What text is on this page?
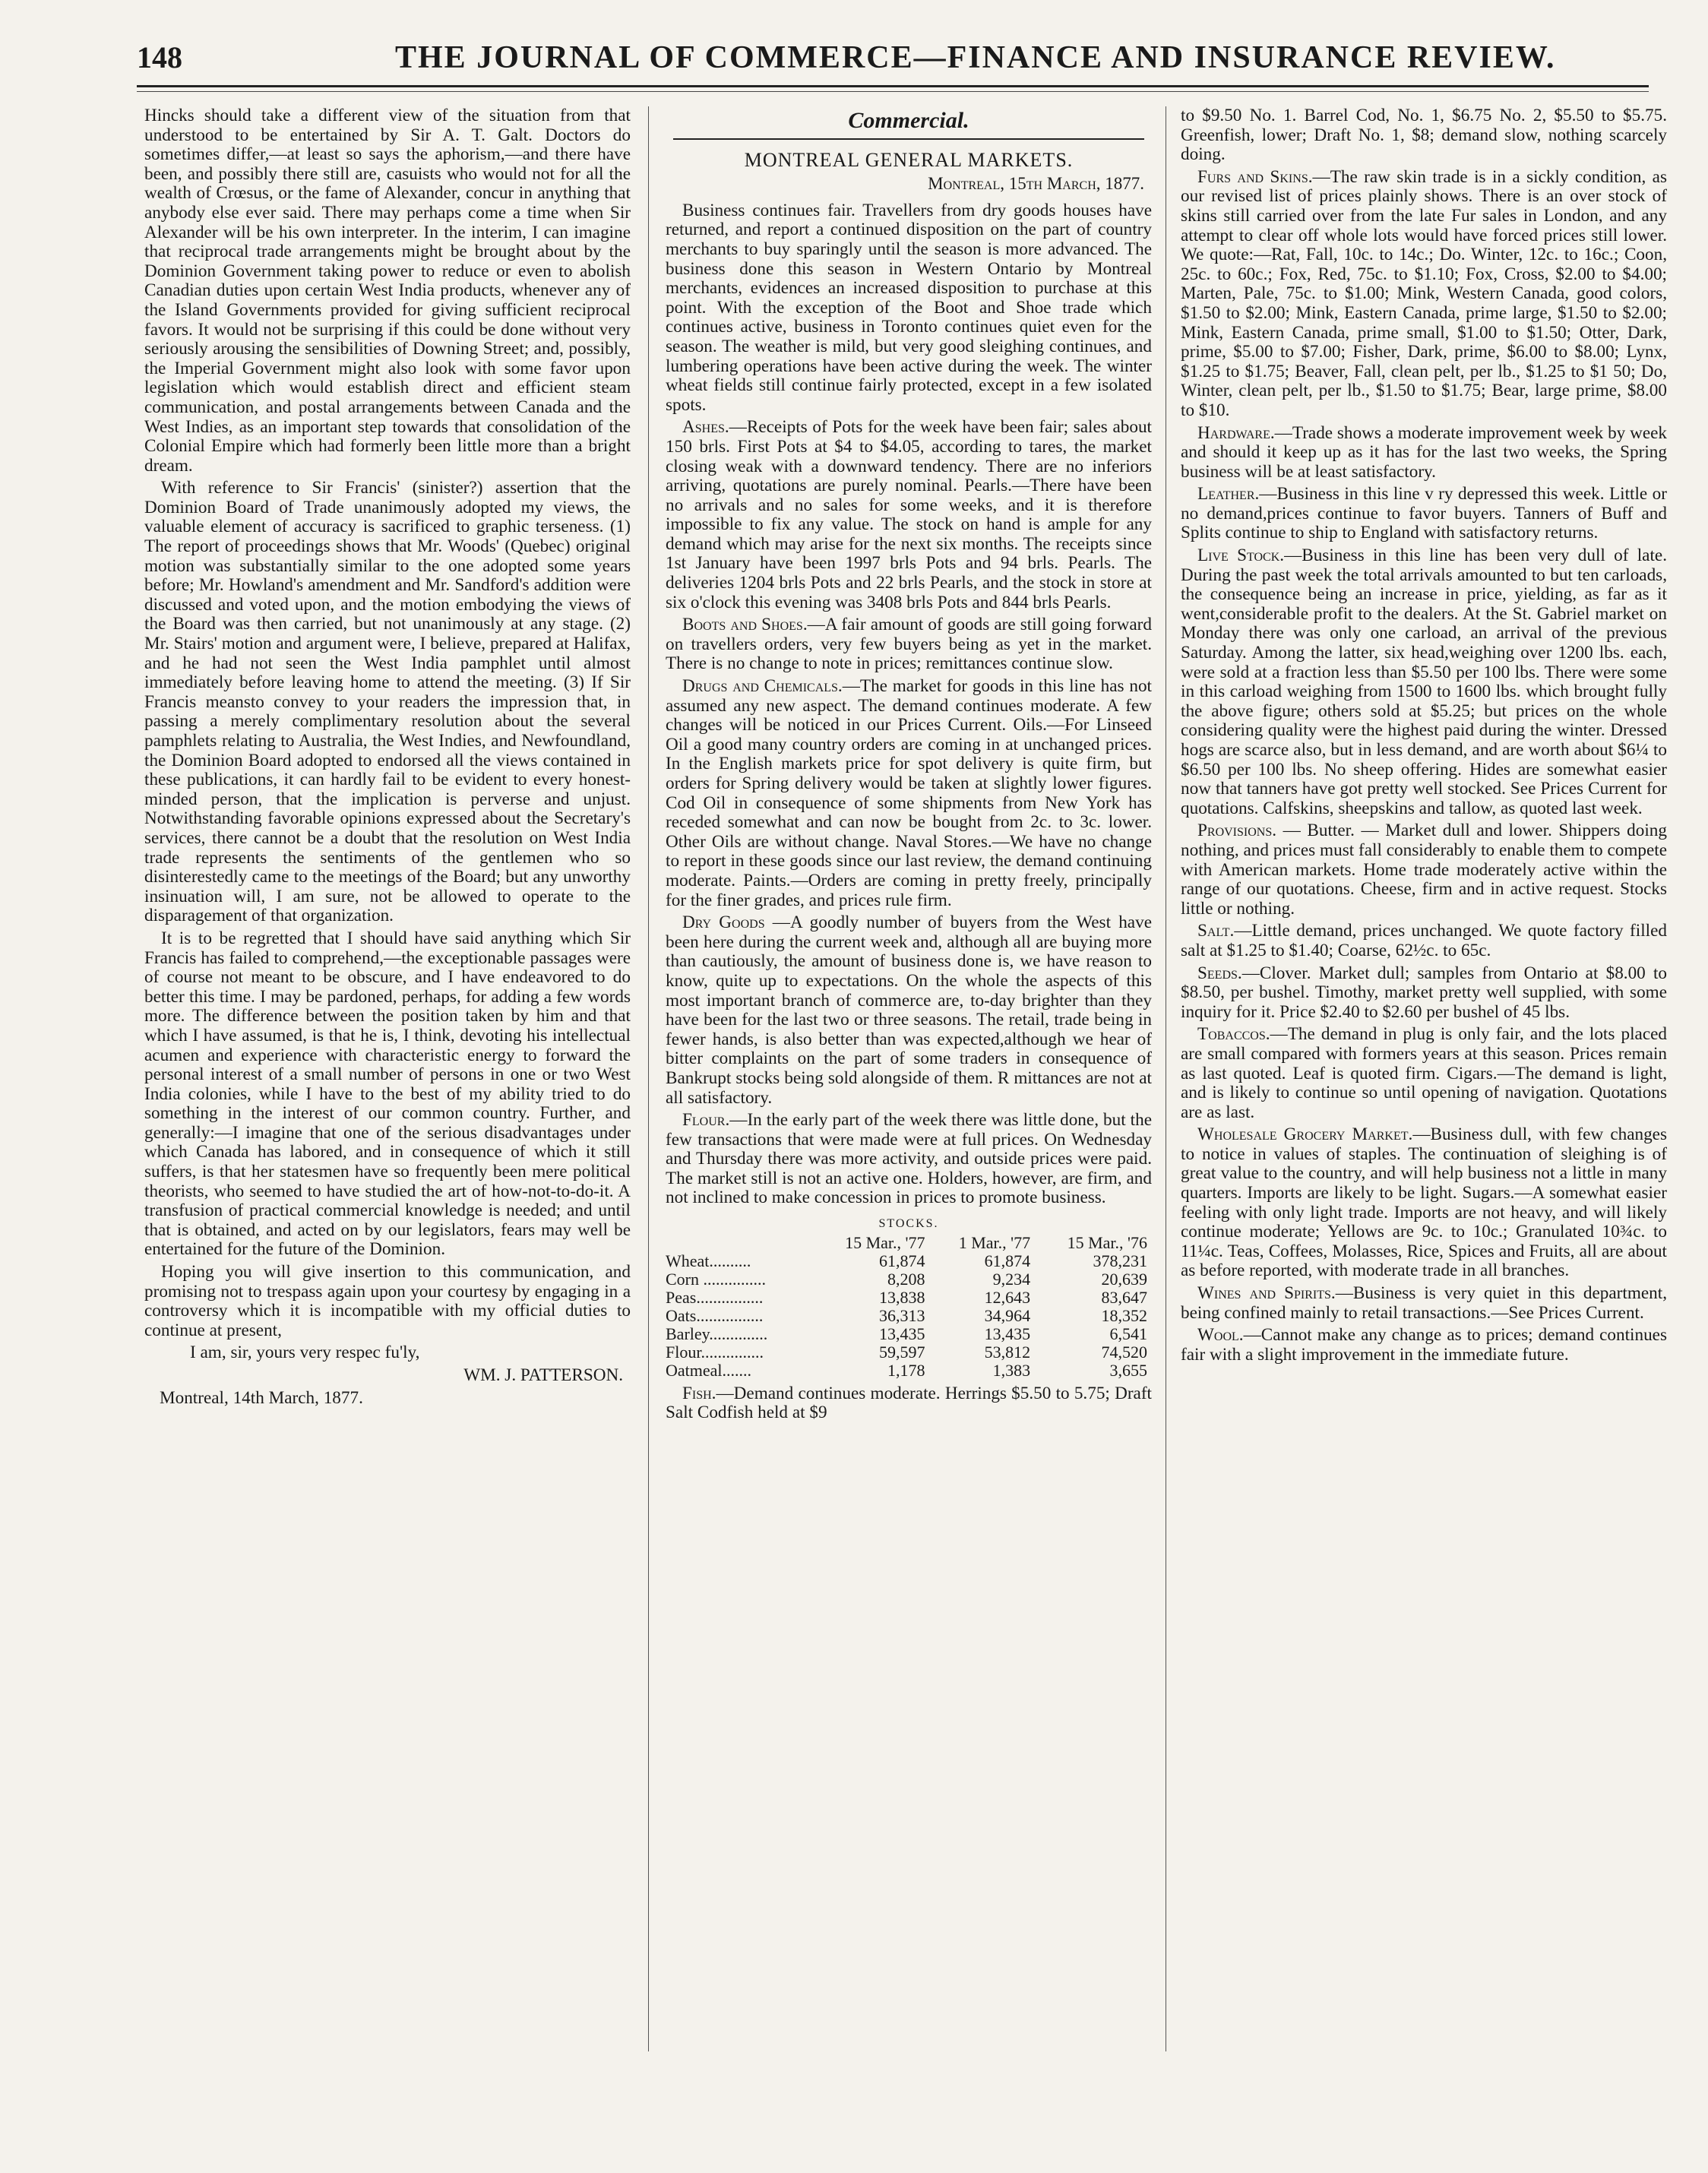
148	THE JOURNAL OF COMMERCE—FINANCE AND INSURANCE REVIEW.

Hincks should take a different view of the situation from that understood to be entertained by Sir A. T. Galt. Doctors do sometimes differ,—at least so says the aphorism,—and there have been, and possibly there still are, casuists who would not for all the wealth of Crœsus, or the fame of Alexander, concur in anything that anybody else ever said. There may perhaps come a time when Sir Alexander will be his own interpreter. In the interim, I can imagine that reciprocal trade arrangements might be brought about by the Dominion Government taking power to reduce or even to abolish Canadian duties upon certain West India products, whenever any of the Island Governments provided for giving sufficient reciprocal favors. It would not be surprising if this could be done without very seriously arousing the sensibilities of Downing Street; and, possibly, the Imperial Government might also look with some favor upon legislation which would establish direct and efficient steam communication, and postal arrangements between Canada and the West Indies, as an important step towards that consolidation of the Colonial Empire which had formerly been little more than a bright dream.

With reference to Sir Francis' (sinister?) assertion that the Dominion Board of Trade unanimously adopted my views, the valuable element of accuracy is sacrificed to graphic terseness. (1) The report of proceedings shows that Mr. Woods' (Quebec) original motion was substantially similar to the one adopted some years before; Mr. Howland's amendment and Mr. Sandford's addition were discussed and voted upon, and the motion embodying the views of the Board was then carried, but not unanimously at any stage. (2) Mr. Stairs' motion and argument were, I believe, prepared at Halifax, and he had not seen the West India pamphlet until almost immediately before leaving home to attend the meeting. (3) If Sir Francis meansto convey to your readers the impression that, in passing a merely complimentary resolution about the several pamphlets relating to Australia, the West Indies, and Newfoundland, the Dominion Board adopted to endorsed all the views contained in these publications, it can hardly fail to be evident to every honest-minded person, that the implication is perverse and unjust. Notwithstanding favorable opinions expressed about the Secretary's services, there cannot be a doubt that the resolution on West India trade represents the sentiments of the gentlemen who so disinterestedly came to the meetings of the Board; but any unworthy insinuation will, I am sure, not be allowed to operate to the disparagement of that organization.

It is to be regretted that I should have said anything which Sir Francis has failed to comprehend,—the exceptionable passages were of course not meant to be obscure, and I have endeavored to do better this time. I may be pardoned, perhaps, for adding a few words more. The difference between the position taken by him and that which I have assumed, is that he is, I think, devoting his intellectual acumen and experience with characteristic energy to forward the personal interest of a small number of persons in one or two West India colonies, while I have to the best of my ability tried to do something in the interest of our common country. Further, and generally:—I imagine that one of the serious disadvantages under which Canada has labored, and in consequence of which it still suffers, is that her statesmen have so frequently been mere political theorists, who seemed to have studied the art of how-not-to-do-it. A transfusion of practical commercial knowledge is needed; and until that is obtained, and acted on by our legislators, fears may well be entertained for the future of the Dominion.

Hoping you will give insertion to this communication, and promising not to trespass again upon your courtesy by engaging in a controversy which it is incompatible with my official duties to continue at present,

I am, sir, yours very respec fu'ly,

WM. J. PATTERSON.
Montreal, 14th March, 1877.
Commercial.
MONTREAL GENERAL MARKETS.
Montreal, 15th March, 1877.

Business continues fair. Travellers from dry goods houses have returned, and report a continued disposition on the part of country merchants to buy sparingly until the season is more advanced. The business done this season in Western Ontario by Montreal merchants, evidences an increased disposition to purchase at this point. With the exception of the Boot and Shoe trade which continues active, business in Toronto continues quiet even for the season. The weather is mild, but very good sleighing continues, and lumbering operations have been active during the week. The winter wheat fields still continue fairly protected, except in a few isolated spots.

Ashes.—Receipts of Pots for the week have been fair; sales about 150 brls. First Pots at $4 to $4.05, according to tares, the market closing weak with a downward tendency. There are no inferiors arriving, quotations are purely nominal. Pearls.—There have been no arrivals and no sales for some weeks, and it is therefore impossible to fix any value. The stock on hand is ample for any demand which may arise for the next six months. The receipts since 1st January have been 1997 brls Pots and 94 brls. Pearls. The deliveries 1204 brls Pots and 22 brls Pearls, and the stock in store at six o'clock this evening was 3408 brls Pots and 844 brls Pearls.

Boots and Shoes.—A fair amount of goods are still going forward on travellers orders, very few buyers being as yet in the market. There is no change to note in prices; remittances continue slow.

Drugs and Chemicals.—The market for goods in this line has not assumed any new aspect. The demand continues moderate. A few changes will be noticed in our Prices Current. Oils.—For Linseed Oil a good many country orders are coming in at unchanged prices. In the English markets price for spot delivery is quite firm, but orders for Spring delivery would be taken at slightly lower figures. Cod Oil in consequence of some shipments from New York has receded somewhat and can now be bought from 2c. to 3c. lower. Other Oils are without change. Naval Stores.—We have no change to report in these goods since our last review, the demand continuing moderate. Paints.—Orders are coming in pretty freely, principally for the finer grades, and prices rule firm.

Dry Goods —A goodly number of buyers from the West have been here during the current week and, although all are buying more than cautiously, the amount of business done is, we have reason to know, quite up to expectations. On the whole the aspects of this most important branch of commerce are, to-day brighter than they have been for the last two or three seasons. The retail, trade being in fewer hands, is also better than was expected,although we hear of bitter complaints on the part of some traders in consequence of Bankrupt stocks being sold alongside of them. R mittances are not at all satisfactory.

Flour.—In the early part of the week there was little done, but the few transactions that were made were at full prices. On Wednesday and Thursday there was more activity, and outside prices were paid. The market still is not an active one. Holders, however, are firm, and not inclined to make concession in prices to promote business.

STOCKS.
	15 Mar., '77	1 Mar., '77	15 Mar., '76
Wheat..........	61,874	61,874	378,231
Corn ...............	8,208	9,234	20,639
Peas................	13,838	12,643	83,647
Oats................	36,313	34,964	18,352
Barley..............	13,435	13,435	6,541
Flour...............	59,597	53,812	74,520
Oatmeal.......	1,178	1,383	3,655

Fish.—Demand continues moderate. Herrings $5.50 to 5.75; Draft Salt Codfish held at $9

to $9.50 No. 1. Barrel Cod, No. 1, $6.75 No. 2, $5.50 to $5.75. Greenfish, lower; Draft No. 1, $8; demand slow, nothing scarcely doing.

Furs and Skins.—The raw skin trade is in a sickly condition, as our revised list of prices plainly shows. There is an over stock of skins still carried over from the late Fur sales in London, and any attempt to clear off whole lots would have forced prices still lower. We quote:—Rat, Fall, 10c. to 14c.; Do. Winter, 12c. to 16c.; Coon, 25c. to 60c.; Fox, Red, 75c. to $1.10; Fox, Cross, $2.00 to $4.00; Marten, Pale, 75c. to $1.00; Mink, Western Canada, good colors, $1.50 to $2.00; Mink, Eastern Canada, prime large, $1.50 to $2.00; Mink, Eastern Canada, prime small, $1.00 to $1.50; Otter, Dark, prime, $5.00 to $7.00; Fisher, Dark, prime, $6.00 to $8.00; Lynx, $1.25 to $1.75; Beaver, Fall, clean pelt, per lb., $1.25 to $1 50; Do, Winter, clean pelt, per lb., $1.50 to $1.75; Bear, large prime, $8.00 to $10.

Hardware.—Trade shows a moderate improvement week by week and should it keep up as it has for the last two weeks, the Spring business will be at least satisfactory.

Leather.—Business in this line v ry depressed this week. Little or no demand,prices continue to favor buyers. Tanners of Buff and Splits continue to ship to England with satisfactory returns.

Live Stock.—Business in this line has been very dull of late. During the past week the total arrivals amounted to but ten carloads, the consequence being an increase in price, yielding, as far as it went,considerable profit to the dealers. At the St. Gabriel market on Monday there was only one carload, an arrival of the previous Saturday. Among the latter, six head,weighing over 1200 lbs. each, were sold at a fraction less than $5.50 per 100 lbs. There were some in this carload weighing from 1500 to 1600 lbs. which brought fully the above figure; others sold at $5.25; but prices on the whole considering quality were the highest paid during the winter. Dressed hogs are scarce also, but in less demand, and are worth about $6¼ to $6.50 per 100 lbs. No sheep offering. Hides are somewhat easier now that tanners have got pretty well stocked. See Prices Current for quotations. Calfskins, sheepskins and tallow, as quoted last week.

Provisions. — Butter. — Market dull and lower. Shippers doing nothing, and prices must fall considerably to enable them to compete with American markets. Home trade moderately active within the range of our quotations. Cheese, firm and in active request. Stocks little or nothing.

Salt.—Little demand, prices unchanged. We quote factory filled salt at $1.25 to $1.40; Coarse, 62½c. to 65c.

Seeds.—Clover. Market dull; samples from Ontario at $8.00 to $8.50, per bushel. Timothy, market pretty well supplied, with some inquiry for it. Price $2.40 to $2.60 per bushel of 45 lbs.

Tobaccos.—The demand in plug is only fair, and the lots placed are small compared with formers years at this season. Prices remain as last quoted. Leaf is quoted firm. Cigars.—The demand is light, and is likely to continue so until opening of navigation. Quotations are as last.

Wholesale Grocery Market.—Business dull, with few changes to notice in values of staples. The continuation of sleighing is of great value to the country, and will help business not a little in many quarters. Imports are likely to be light. Sugars.—A somewhat easier feeling with only light trade. Imports are not heavy, and will likely continue moderate; Yellows are 9c. to 10c.; Granulated 10¾c. to 11¼c. Teas, Coffees, Molasses, Rice, Spices and Fruits, all are about as before reported, with moderate trade in all branches.

Wines and Spirits.—Business is very quiet in this department, being confined mainly to retail transactions.—See Prices Current.

Wool.—Cannot make any change as to prices; demand continues fair with a slight improvement in the immediate future.
